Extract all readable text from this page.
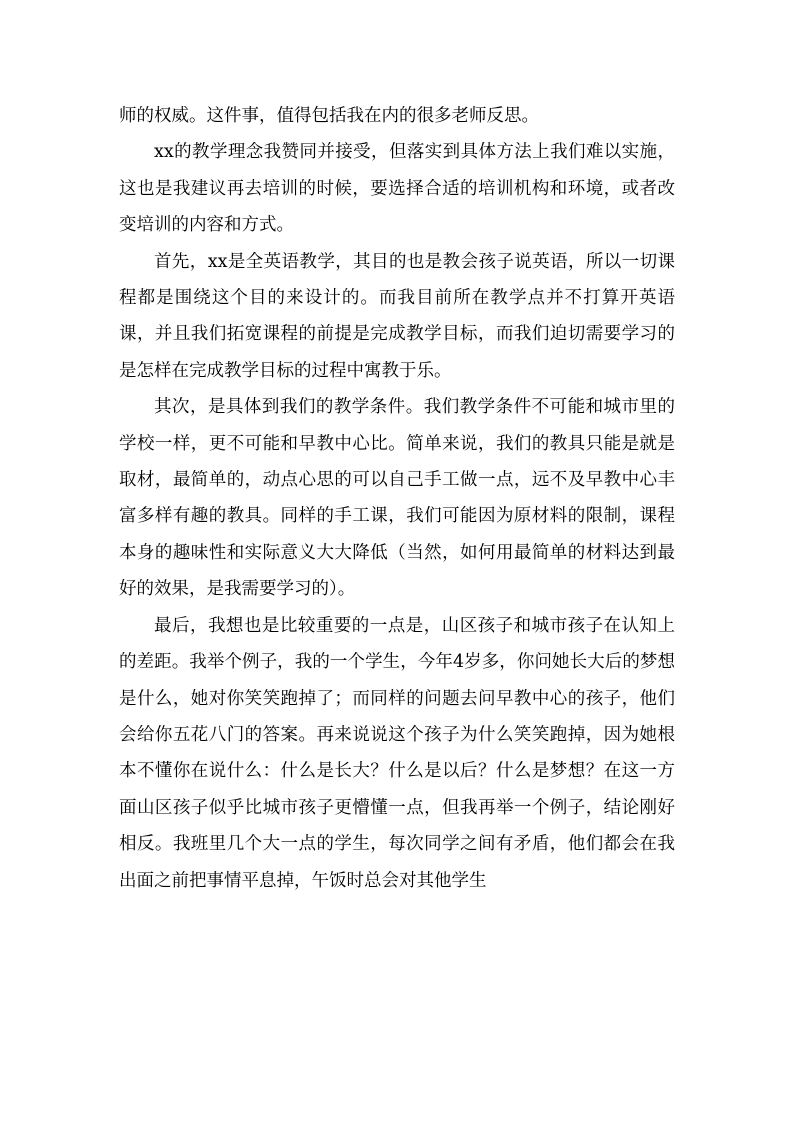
师的权威。这件事，值得包括我在内的很多老师反思。

xx的教学理念我赞同并接受，但落实到具体方法上我们难以实施，这也是我建议再去培训的时候，要选择合适的培训机构和环境，或者改变培训的内容和方式。

首先，xx是全英语教学，其目的也是教会孩子说英语，所以一切课程都是围绕这个目的来设计的。而我目前所在教学点并不打算开英语课，并且我们拓宽课程的前提是完成教学目标，而我们迫切需要学习的是怎样在完成教学目标的过程中寓教于乐。

其次，是具体到我们的教学条件。我们教学条件不可能和城市里的学校一样，更不可能和早教中心比。简单来说，我们的教具只能是就是取材，最简单的，动点心思的可以自己手工做一点，远不及早教中心丰富多样有趣的教具。同样的手工课，我们可能因为原材料的限制，课程本身的趣味性和实际意义大大降低（当然，如何用最简单的材料达到最好的效果，是我需要学习的）。

最后，我想也是比较重要的一点是，山区孩子和城市孩子在认知上的差距。我举个例子，我的一个学生，今年4岁多，你问她长大后的梦想是什么，她对你笑笑跑掉了；而同样的问题去问早教中心的孩子，他们会给你五花八门的答案。再来说说这个孩子为什么笑笑跑掉，因为她根本不懂你在说什么：什么是长大？什么是以后？什么是梦想？在这一方面山区孩子似乎比城市孩子更懵懂一点，但我再举一个例子，结论刚好相反。我班里几个大一点的学生，每次同学之间有矛盾，他们都会在我出面之前把事情平息掉，午饭时总会对其他学生
